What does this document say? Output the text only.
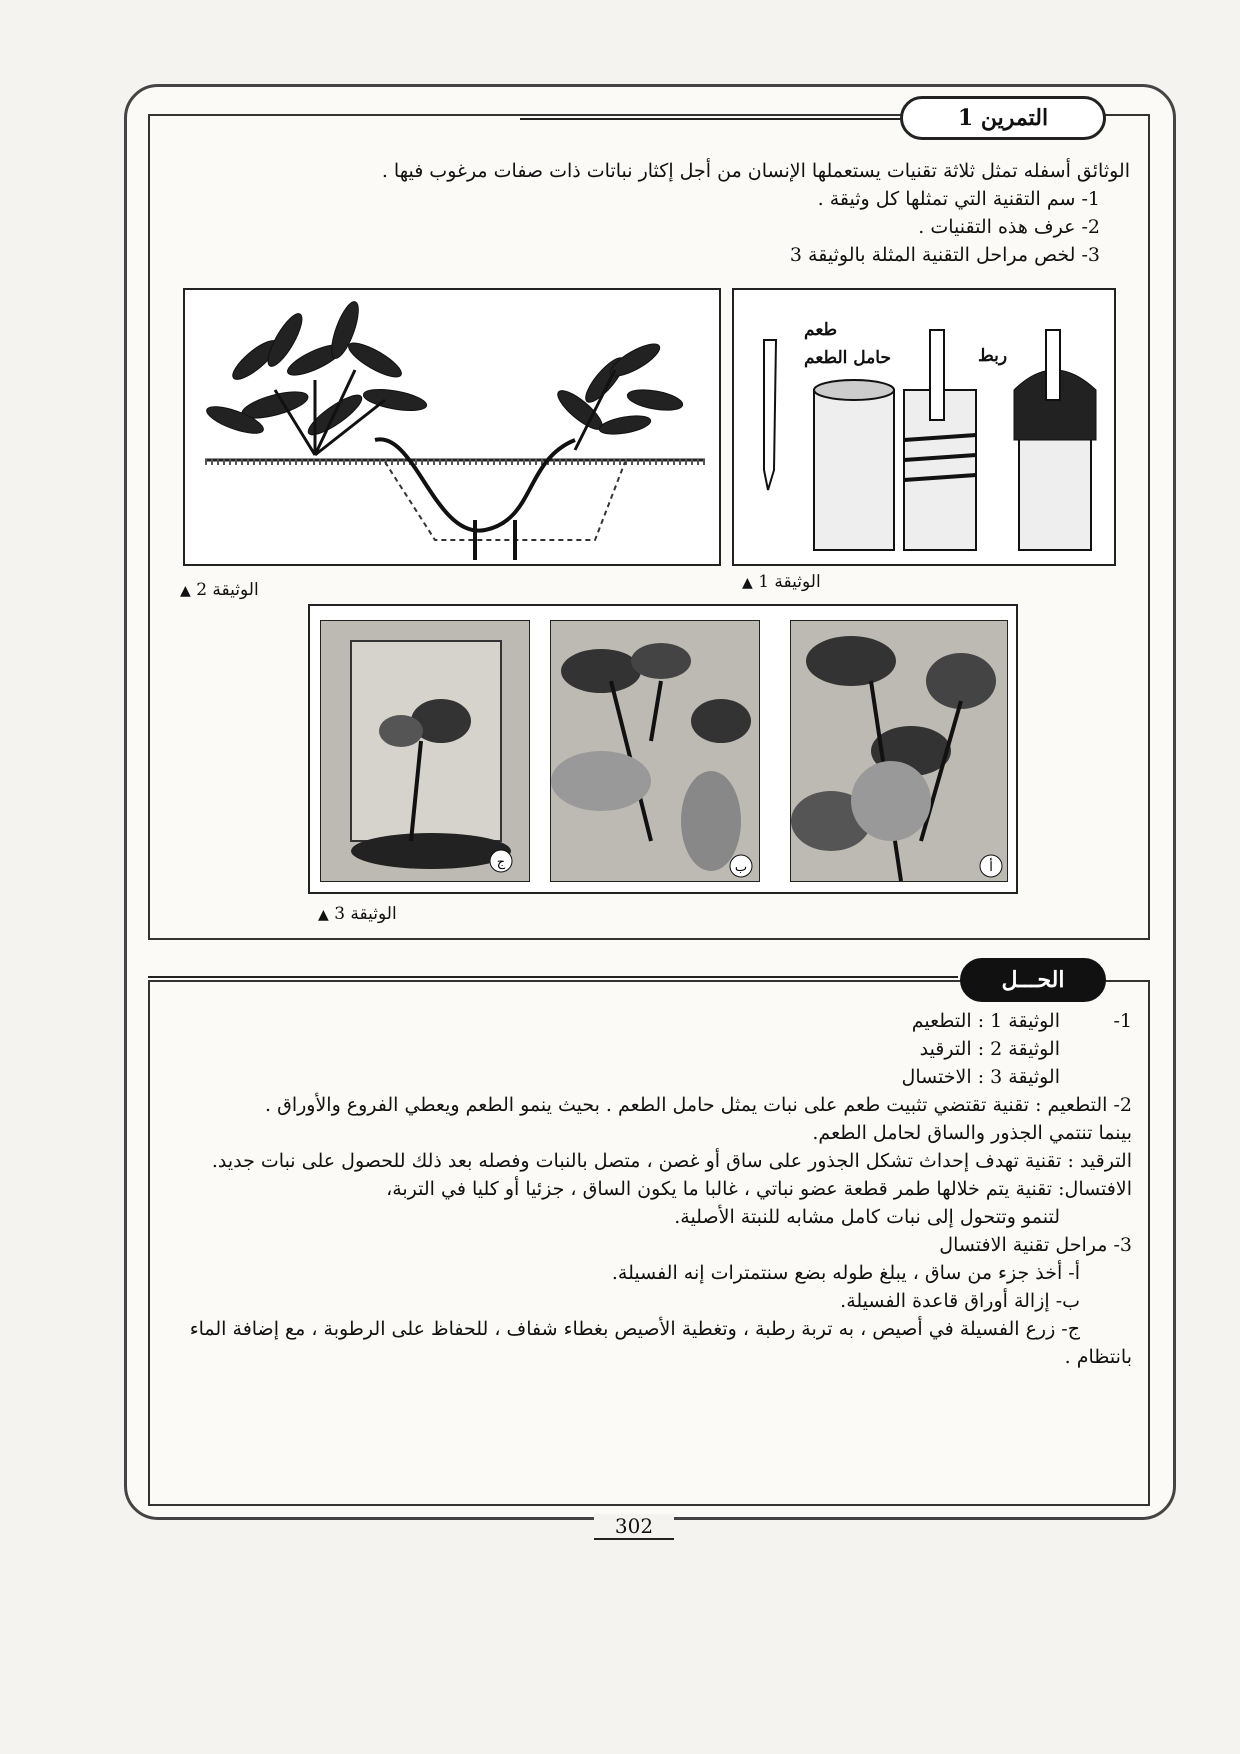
التمرين 1
الوثائق أسفله تمثل ثلاثة تقنيات يستعملها الإنسان من أجل إكثار نباتات ذات صفات مرغوب فيها .
1- سم التقنية التي تمثلها كل وثيقة .
2- عرف هذه التقنيات .
3- لخص مراحل التقنية المثلة بالوثيقة 3
طعم
حامل الطعم	ربط
الوثيقة 2 ▲	الوثيقة 1 ▲
ج	ب	أ
الوثيقة 3 ▲
الحـــل
1-
الوثيقة 1 : التطعيم
الوثيقة 2 : الترقيد
الوثيقة 3 : الاختسال
2- التطعيم : تقنية تقتضي تثبيت طعم على نبات يمثل حامل الطعم . بحيث ينمو الطعم ويعطي الفروع والأوراق .
بينما تنتمي الجذور والساق لحامل الطعم.
الترقيد : تقنية تهدف إحداث تشكل الجذور على ساق أو غصن ، متصل بالنبات وفصله بعد ذلك للحصول على نبات جديد.
الافتسال: تقنية يتم خلالها طمر قطعة عضو نباتي ، غالبا ما يكون الساق ، جزئيا أو كليا في التربة،
لتنمو وتتحول إلى نبات كامل مشابه للنبتة الأصلية.
3- مراحل تقنية الافتسال
أ- أخذ جزء من ساق ، يبلغ طوله بضع سنتمترات إنه الفسيلة.
ب- إزالة أوراق قاعدة الفسيلة.
ج- زرع الفسيلة في أصيص ، به تربة رطبة ، وتغطية الأصيص بغطاء شفاف ، للحفاظ على الرطوبة ، مع إضافة الماء
بانتظام .
302
